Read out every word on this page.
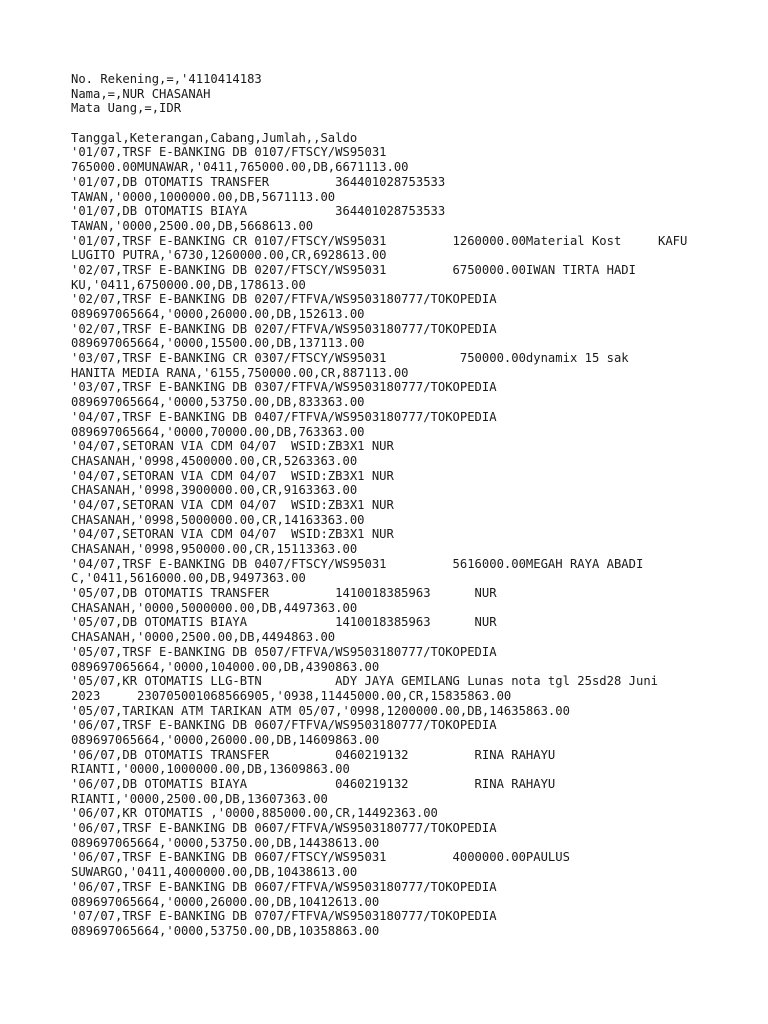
No. Rekening,=,'4110414183
Nama,=,NUR CHASANAH
Mata Uang,=,IDR
Tanggal,Keterangan,Cabang,Jumlah,,Saldo
'01/07,TRSF E-BANKING DB 0107/FTSCY/WS95031
765000.00MUNAWAR,'0411,765000.00,DB,6671113.00
'01/07,DB OTOMATIS TRANSFER         364401028753533
TAWAN,'0000,1000000.00,DB,5671113.00
'01/07,DB OTOMATIS BIAYA            364401028753533
TAWAN,'0000,2500.00,DB,5668613.00
'01/07,TRSF E-BANKING CR 0107/FTSCY/WS95031         1260000.00Material Kost     KAFU
LUGITO PUTRA,'6730,1260000.00,CR,6928613.00
'02/07,TRSF E-BANKING DB 0207/FTSCY/WS95031         6750000.00IWAN TIRTA HADI
KU,'0411,6750000.00,DB,178613.00
'02/07,TRSF E-BANKING DB 0207/FTFVA/WS9503180777/TOKOPEDIA
089697065664,'0000,26000.00,DB,152613.00
'02/07,TRSF E-BANKING DB 0207/FTFVA/WS9503180777/TOKOPEDIA
089697065664,'0000,15500.00,DB,137113.00
'03/07,TRSF E-BANKING CR 0307/FTSCY/WS95031          750000.00dynamix 15 sak
HANITA MEDIA RANA,'6155,750000.00,CR,887113.00
'03/07,TRSF E-BANKING DB 0307/FTFVA/WS9503180777/TOKOPEDIA
089697065664,'0000,53750.00,DB,833363.00
'04/07,TRSF E-BANKING DB 0407/FTFVA/WS9503180777/TOKOPEDIA
089697065664,'0000,70000.00,DB,763363.00
'04/07,SETORAN VIA CDM 04/07  WSID:ZB3X1 NUR
CHASANAH,'0998,4500000.00,CR,5263363.00
'04/07,SETORAN VIA CDM 04/07  WSID:ZB3X1 NUR
CHASANAH,'0998,3900000.00,CR,9163363.00
'04/07,SETORAN VIA CDM 04/07  WSID:ZB3X1 NUR
CHASANAH,'0998,5000000.00,CR,14163363.00
'04/07,SETORAN VIA CDM 04/07  WSID:ZB3X1 NUR
CHASANAH,'0998,950000.00,CR,15113363.00
'04/07,TRSF E-BANKING DB 0407/FTSCY/WS95031         5616000.00MEGAH RAYA ABADI
C,'0411,5616000.00,DB,9497363.00
'05/07,DB OTOMATIS TRANSFER         1410018385963      NUR
CHASANAH,'0000,5000000.00,DB,4497363.00
'05/07,DB OTOMATIS BIAYA            1410018385963      NUR
CHASANAH,'0000,2500.00,DB,4494863.00
'05/07,TRSF E-BANKING DB 0507/FTFVA/WS9503180777/TOKOPEDIA
089697065664,'0000,104000.00,DB,4390863.00
'05/07,KR OTOMATIS LLG-BTN          ADY JAYA GEMILANG Lunas nota tgl 25sd28 Juni
2023     230705001068566905,'0938,11445000.00,CR,15835863.00
'05/07,TARIKAN ATM TARIKAN ATM 05/07,'0998,1200000.00,DB,14635863.00
'06/07,TRSF E-BANKING DB 0607/FTFVA/WS9503180777/TOKOPEDIA
089697065664,'0000,26000.00,DB,14609863.00
'06/07,DB OTOMATIS TRANSFER         0460219132         RINA RAHAYU
RIANTI,'0000,1000000.00,DB,13609863.00
'06/07,DB OTOMATIS BIAYA            0460219132         RINA RAHAYU
RIANTI,'0000,2500.00,DB,13607363.00
'06/07,KR OTOMATIS ,'0000,885000.00,CR,14492363.00
'06/07,TRSF E-BANKING DB 0607/FTFVA/WS9503180777/TOKOPEDIA
089697065664,'0000,53750.00,DB,14438613.00
'06/07,TRSF E-BANKING DB 0607/FTSCY/WS95031         4000000.00PAULUS
SUWARGO,'0411,4000000.00,DB,10438613.00
'06/07,TRSF E-BANKING DB 0607/FTFVA/WS9503180777/TOKOPEDIA
089697065664,'0000,26000.00,DB,10412613.00
'07/07,TRSF E-BANKING DB 0707/FTFVA/WS9503180777/TOKOPEDIA
089697065664,'0000,53750.00,DB,10358863.00
